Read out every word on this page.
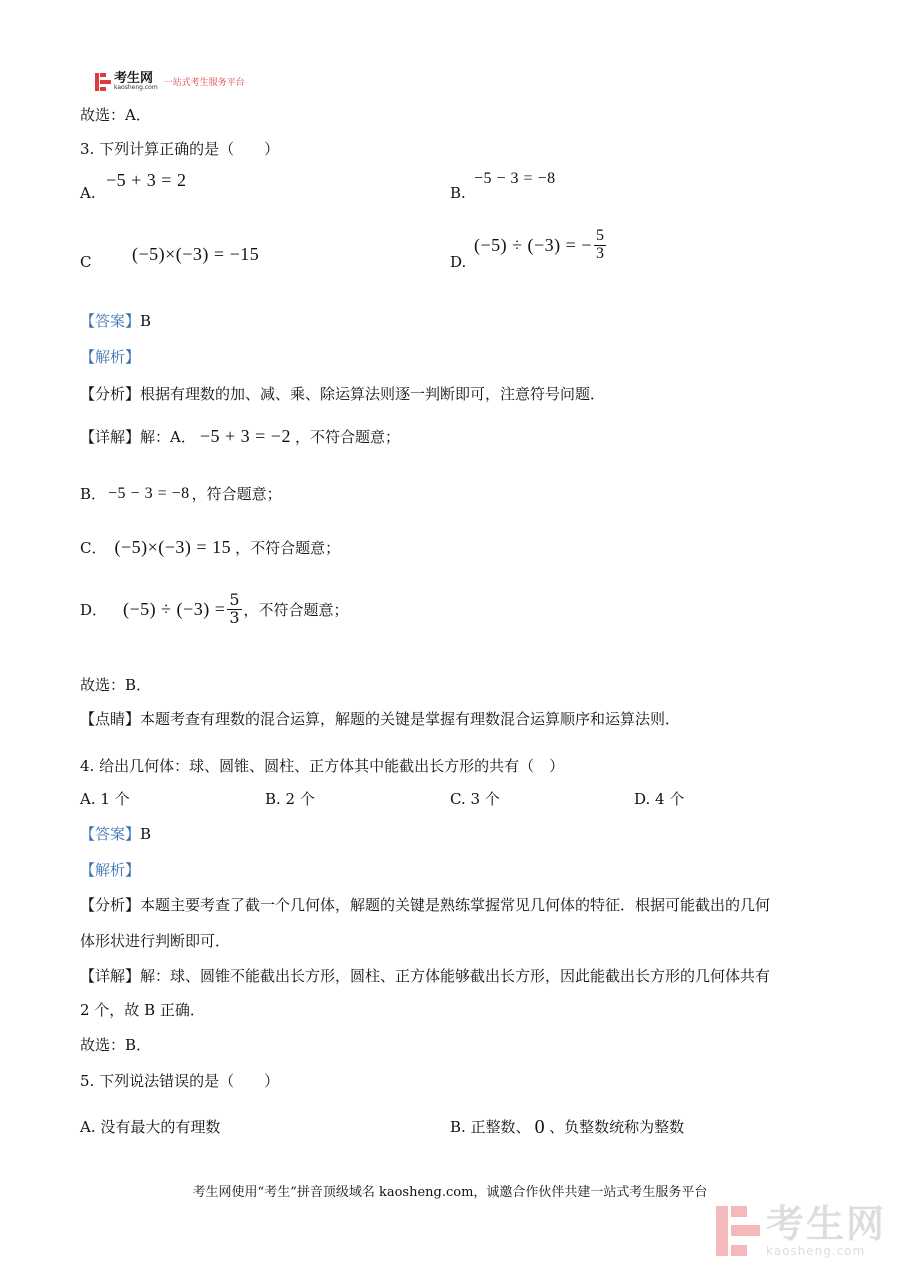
考生网
kaosheng.com 一站式考生服务平台
故选：A．
3. 下列计算正确的是（　　）
A.
−5 + 3 = 2
B.
−5 − 3 = −8
C (−5)×(−3) = −15	D.
(−5) ÷ (−3) = − $\frac{5}{3}$
【答案】B
【解析】
【分析】根据有理数的加、减、乘、除运算法则逐一判断即可，注意符号问题．
【详解】解：A． −5 + 3 = −2 ，不符合题意；
B． −5 − 3 = −8 ，符合题意；
C． (−5)×(−3) = 15 ，不符合题意；
D． $(-5) \div (-3) = \frac{5}{3}$ ，不符合题意；
故选：B．
【点睛】本题考查有理数的混合运算，解题的关键是掌握有理数混合运算顺序和运算法则．
4. 给出几何体：球、圆锥、圆柱、正方体其中能截出长方形的共有（　）
A. 1 个	B. 2 个	C. 3 个	D. 4 个
【答案】B
【解析】
【分析】本题主要考查了截一个几何体，解题的关键是熟练掌握常见几何体的特征．根据可能截出的几何
体形状进行判断即可．
【详解】解：球、圆锥不能截出长方形，圆柱、正方体能够截出长方形，因此能截出长方形的几何体共有
2 个，故 B 正确．
故选：B．
5. 下列说法错误的是（　　）
A. 没有最大的有理数	B. 正整数、 0 、负整数统称为整数
考生网使用“考生”拼音顶级域名 kaosheng.com，诚邀合作伙伴共建一站式考生服务平台
考生网
kaosheng.com
